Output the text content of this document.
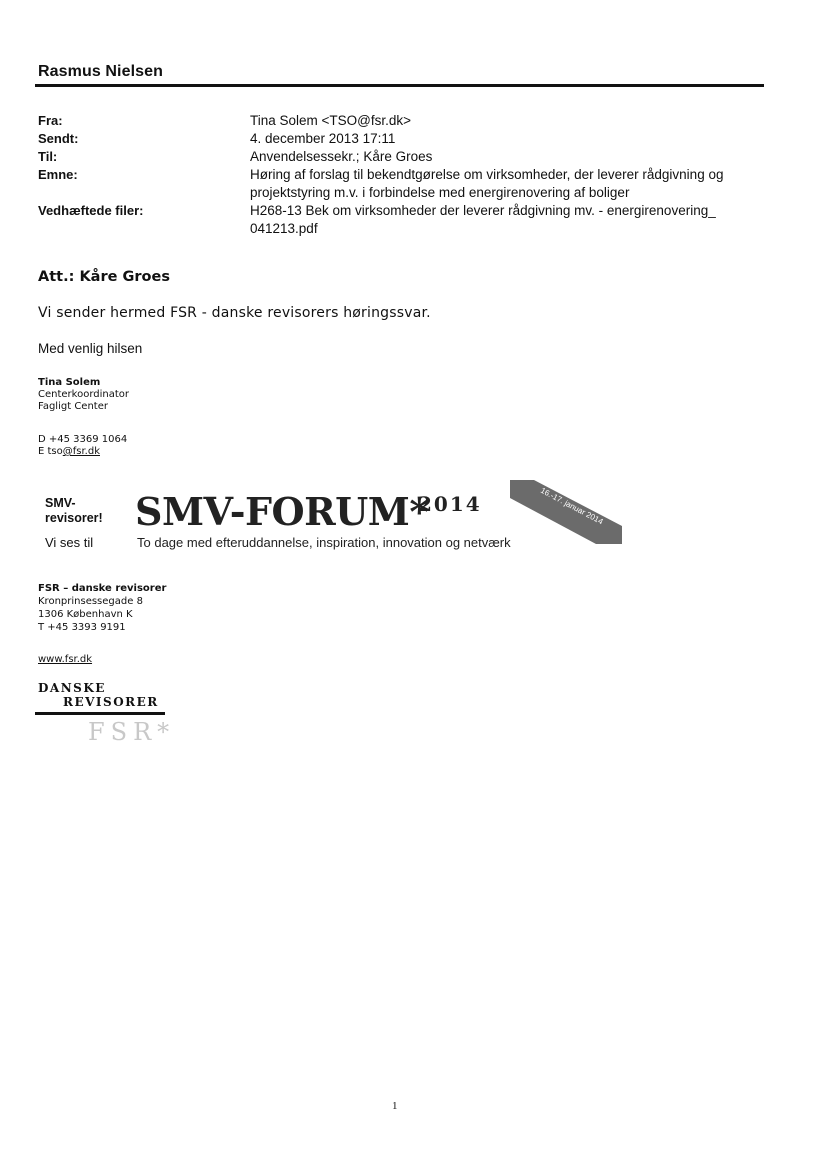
Rasmus Nielsen
Fra:
Sendt:
Til:
Emne:
Vedhæftede filer:
Tina Solem <TSO@fsr.dk>
4. december 2013 17:11
Anvendelsessekr.; Kåre Groes
Høring af forslag til bekendtgørelse om virksomheder, der leverer rådgivning og
projektstyring m.v. i forbindelse med energirenovering af boliger
H268-13 Bek om virksomheder der leverer rådgivning mv. - energirenovering_
041213.pdf
Att.: Kåre Groes
Vi sender hermed FSR - danske revisorers høringssvar.
Med venlig hilsen
Tina Solem
Centerkoordinator
Fagligt Center
D +45 3369 1064
E tso@fsr.dk
SMV-
revisorer!
Vi ses til
SMV-FORUM*
2014
To dage med efteruddannelse, inspiration, innovation og netværk
16.-17. januar 2014
FSR – danske revisorer
Kronprinsessegade 8
1306 København K
T +45 3393 9191
www.fsr.dk
DANSKE
REVISORER
FSR*
1
